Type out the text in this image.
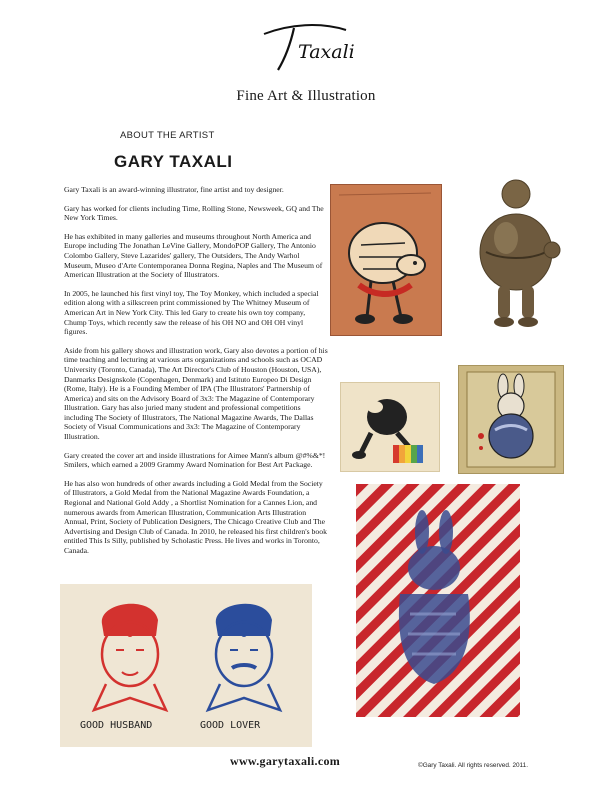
Taxali
Fine Art & Illustration
ABOUT THE ARTIST
GARY TAXALI

Gary Taxali is an award-winning illustrator, fine artist and toy designer.

Gary has worked for clients including Time, Rolling Stone, Newsweek, GQ and The New York Times.

He has exhibited in many galleries and museums throughout North America and Europe including The Jonathan LeVine Gallery, MondoPOP Gallery, The Antonio Colombo Gallery, Steve Lazarides' gallery, The Outsiders, The Andy Warhol Museum, Museo d'Arte Contemporanea Donna Regina, Naples and The Museum of American Illustration at the Society of Illustrators.

In 2005, he launched his first vinyl toy, The Toy Monkey, which included a special edition along with a silkscreen print commissioned by The Whitney Museum of American Art in New York City. This led Gary to create his own toy company, Chump Toys, which recently saw the release of his OH NO and OH OH vinyl figures.

Aside from his gallery shows and illustration work, Gary also devotes a portion of his time teaching and lecturing at various arts organizations and schools such as OCAD University (Toronto, Canada), The Art Director's Club of Houston (Houston, USA), Danmarks Designskole (Copenhagen, Denmark) and Istituto Europeo Di Design (Rome, Italy). He is a Founding Member of IPA (The Illustrators' Partnership of America) and sits on the Advisory Board of 3x3: The Magazine of Contemporary Illustration. Gary has also juried many student and professional competitions including The Society of Illustrators, The National Magazine Awards, The Dallas Society of Visual Communications and 3x3: The Magazine of Contemporary Illustration.

Gary created the cover art and inside illustrations for Aimee Mann's album @#%&*! Smilers, which earned a 2009 Grammy Award Nomination for Best Art Package.

He has also won hundreds of other awards including a Gold Medal from the Society of Illustrators, a Gold Medal from the National Magazine Awards Foundation, a Regional and National Gold Addy , a Shortlist Nomination for a Cannes Lion, and numerous awards from American Illustration, Communication Arts Illustration Annual, Print, Society of Publication Designers, The Chicago Creative Club and The Advertising and Design Club of Canada. In 2010, he released his first children's book entitled This Is Silly, published by Scholastic Press. He lives and works in Toronto, Canada.

GOOD HUSBAND	GOOD LOVER
www.garytaxali.com	©Gary Taxali. All rights reserved. 2011.
